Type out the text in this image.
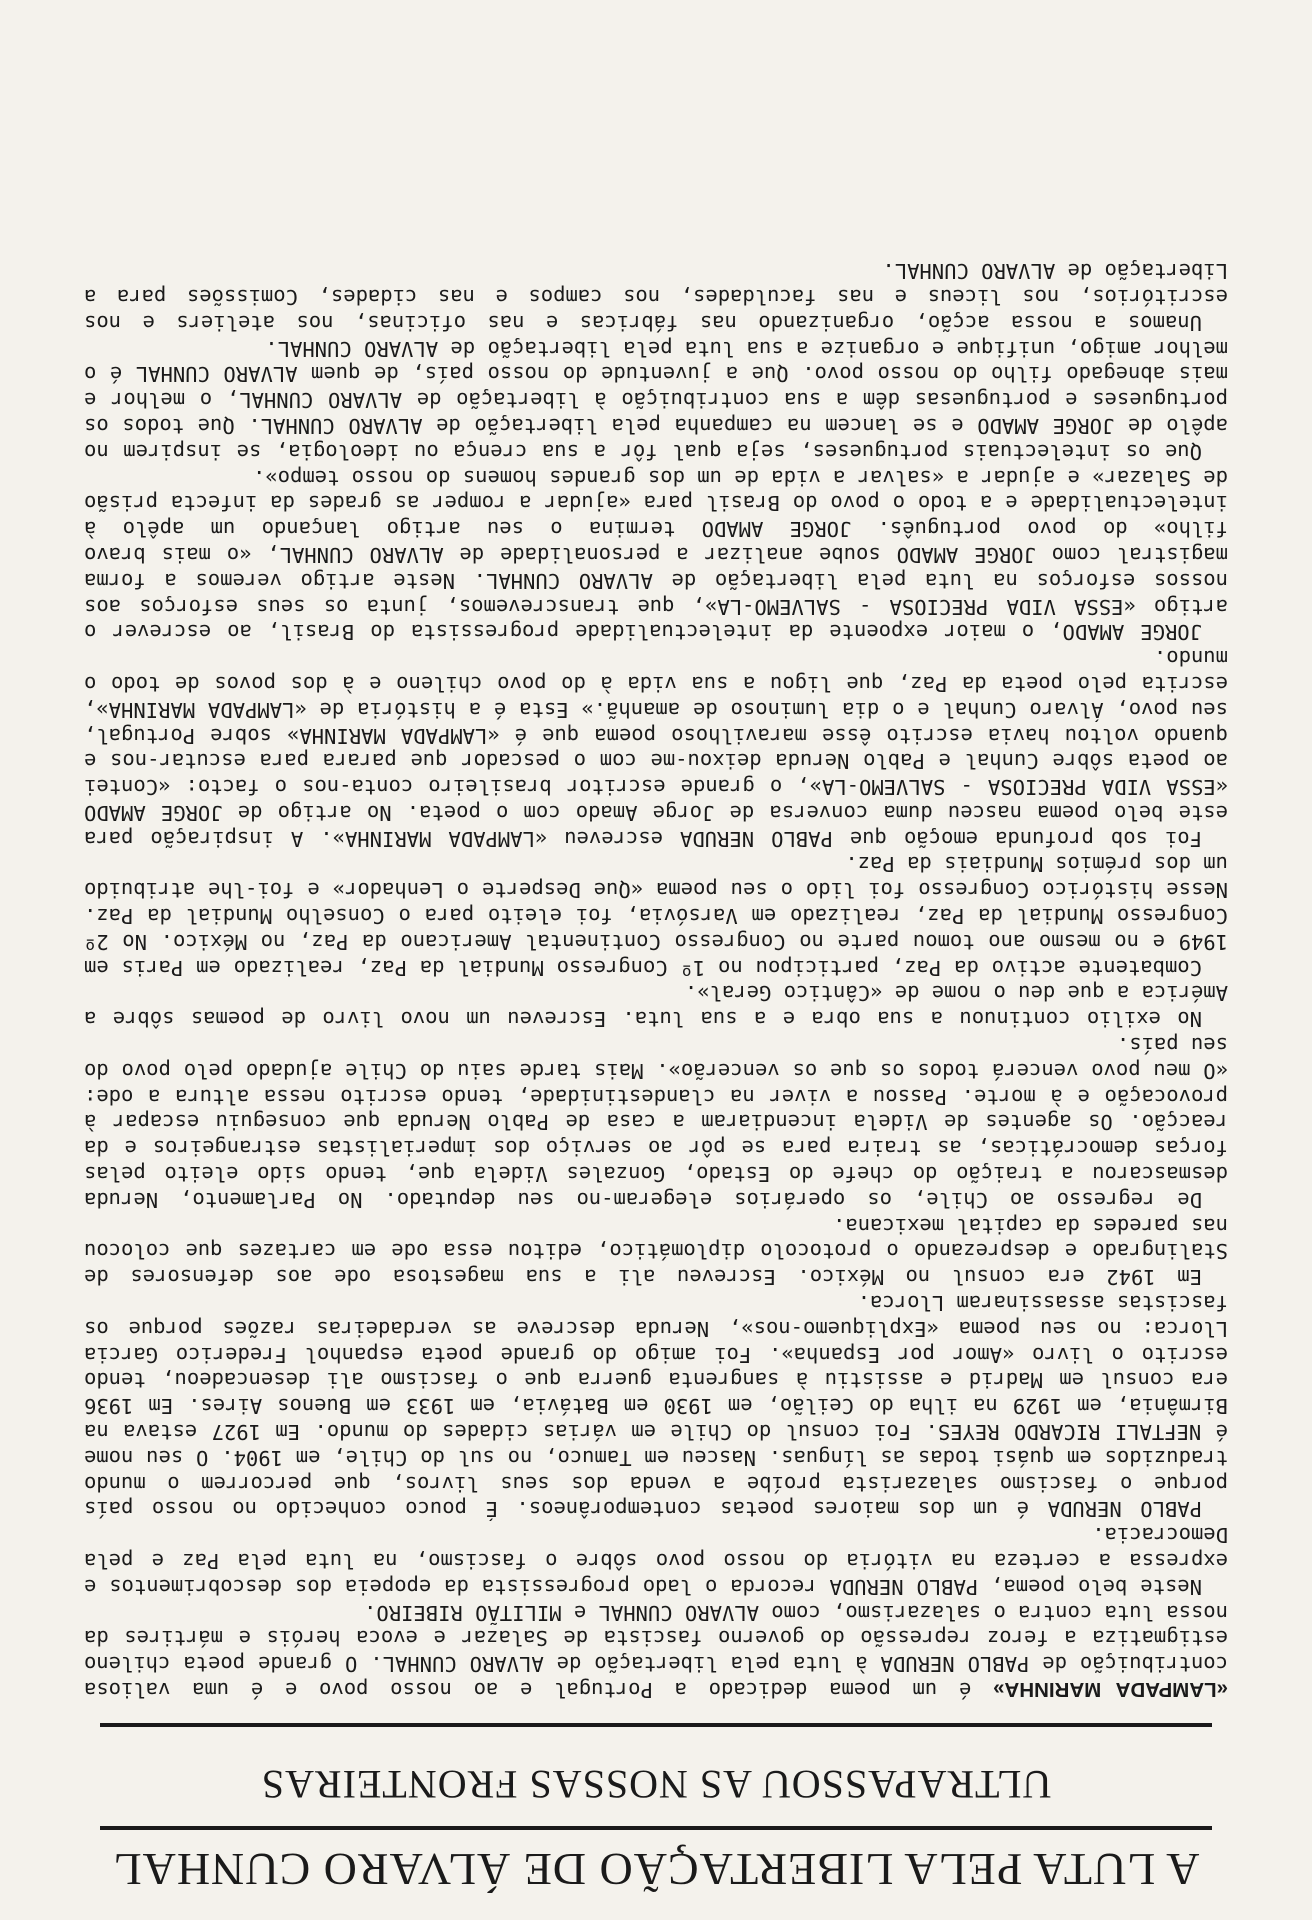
A LUTA PELA LIBERTAÇÃO DE ÁLVARO CUNHAL
ULTRAPASSOU AS NOSSAS FRONTEIRAS

«LAMPADA MARINHA» é um poema dedicado a Portugal e ao nosso povo e é uma valiosa contribuição de PABLO NERUDA à luta pela libertação de ALVARO CUNHAL. O grande poeta chileno estigmatiza a feroz repressão do governo fascista de Salazar e evoca heróis e mártires da nossa luta contra o salazarismo, como ALVARO CUNHAL e MILITÃO RIBEIRO.

Neste belo poema, PABLO NERUDA recorda o lado progressista da epopeia dos descobrimentos e expressa a certeza na vitória do nosso povo sôbre o fascismo, na luta pela Paz e pela Democracia.

PABLO NERUDA é um dos maiores poetas contemporâneos. É pouco conhecido no nosso país porque o fascismo salazarista proíbe a venda dos seus livros, que percorrem o mundo traduzidos em quási todas as línguas. Nasceu em Tamuco, no sul do Chile, em 1904. O seu nome é NEFTALI RICARDO REYES. Foi consul do Chile em várias cidades do mundo. Em 1927 estava na Birmânia, em 1929 na ilha do Ceilão, em 1930 em Batávia, em 1933 em Buenos Aires. Em 1936 era consul em Madrid e assistiu à sangrenta guerra que o fascismo ali desencadeou, tendo escrito o livro «Amor por Espanha». Foi amigo do grande poeta espanhol Frederico Garcia Llorca: no seu poema «Expliquemo-nos», Neruda descreve as verdadeiras razões porque os fascistas assassinaram Llorca.

Em 1942 era consul no México. Escreveu ali a sua magestosa ode aos defensores de Stalingrado e desprezando o protocolo diplomático, editou essa ode em cartazes que colocou nas paredes da capital mexicana.

De regresso ao Chile, os operários elegeram-no seu deputado. No Parlamento, Neruda desmascarou a traição do chefe do Estado, Gonzales Videla que, tendo sido eleito pelas forças democráticas, as traira para se pôr ao serviço dos imperialistas estrangeiros e da reacção. Os agentes de Videla incendiaram a casa de Pablo Neruda que conseguiu escapar à provocação e à morte. Passou a viver na clandestinidade, tendo escrito nessa altura a ode: «O meu povo vencerá todos os que os vencerão». Mais tarde saiu do Chile ajudado pelo povo do seu país.

No exilio continuou a sua obra e a sua luta. Escreveu um novo livro de poemas sôbre a América a que deu o nome de «Cântico Geral».

Combatente activo da Paz, participou no 1º Congresso Mundial da Paz, realizado em Paris em 1949 e no mesmo ano tomou parte no Congresso Continental Americano da Paz, no México. No 2º Congresso Mundial da Paz, realizado em Varsóvia, foi eleito para o Conselho Mundial da Paz. Nesse histórico Congresso foi lido o seu poema «Que Desperte o Lenhador» e foi-lhe atribuido um dos prémios Mundiais da Paz.

Foi sob profunda emoção que PABLO NERUDA escreveu «LAMPADA MARINHA». A inspiração para este belo poema nasceu duma conversa de Jorge Amado com o poeta. No artigo de JORGE AMADO «ESSA VIDA PRECIOSA - SALVEMO-LA», o grande escritor brasileiro conta-nos o facto: «Contei ao poeta sôbre Cunhal e Pablo Neruda deixou-me com o pescador que parara para escutar-nos e quando voltou havia escrito êsse maravilhoso poema que é «LAMPADA MARINHA» sobre Portugal, seu povo, Álvaro Cunhal e o dia luminoso de amanhã.» Esta é a história de «LAMPADA MARINHA», escrita pelo poeta da Paz, que ligou a sua vida à do povo chileno e à dos povos de todo o mundo.

JORGE AMADO, o maior expoente da intelectualidade progressista do Brasil, ao escrever o artigo «ESSA VIDA PRECIOSA - SALVEMO-LA», que transcrevemos, junta os seus esforços aos nossos esforços na luta pela libertação de ALVARO CUNHAL. Neste artigo veremos a forma magistral como JORGE AMADO soube analizar a personalidade de ALVARO CUNHAL, «o mais bravo filho» do povo português. JORGE AMADO termina o seu artigo lançando um apêlo à intelectualidade e a todo o povo do Brasil para «ajudar a romper as grades da infecta prisão de Salazar» e ajudar a «salvar a vida de um dos grandes homens do nosso tempo».

Que os intelectuais portugueses, seja qual fôr a sua crença ou ideologia, se inspirem no apêlo de JORGE AMADO e se lancem na campanha pela libertação de ALVARO CUNHAL. Que todos os portugueses e portuguesas dêm a sua contribuição à libertação de ALVARO CUNHAL, o melhor e mais abnegado filho do nosso povo. Que a juventude do nosso país, de quem ALVARO CUNHAL é o melhor amigo, unifique e organize a sua luta pela libertação de ALVARO CUNHAL.

Unamos a nossa acção, organizando nas fábricas e nas oficinas, nos ateliers e nos escritórios, nos liceus e nas faculdades, nos campos e nas cidades, Comissões para a Libertação de ALVARO CUNHAL.
